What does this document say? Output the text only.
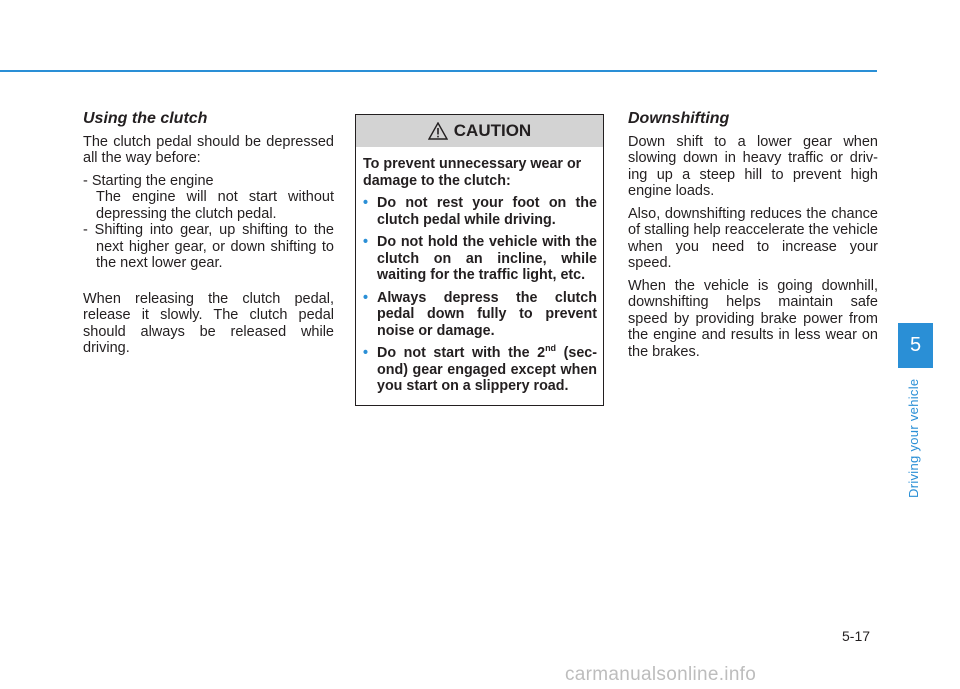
Using the clutch

The clutch pedal should be depressed all the way before:

- Starting the engine

The engine will not start without depressing the clutch pedal.

- Shifting into gear, up shifting to the next higher gear, or down shifting to the next lower gear.

When releasing the clutch pedal, release it slowly. The clutch pedal should always be released while driving.

CAUTION

To prevent unnecessary wear or damage to the clutch:

• Do not rest your foot on the clutch pedal while driving.

• Do not hold the vehicle with the clutch on an incline, while waiting for the traffic light, etc.

• Always depress the clutch pedal down fully to prevent noise or damage.

• Do not start with the 2nd (sec- ond) gear engaged except when you start on a slippery road.

Downshifting

Down shift to a lower gear when slowing down in heavy traffic or driv- ing up a steep hill to prevent high engine loads.

Also, downshifting reduces the chance of stalling help reaccelerate the vehicle when you need to increase your speed.

When the vehicle is going downhill, downshifting helps maintain safe speed by providing brake power from the engine and results in less wear on the brakes.	5
Driving your vehicle
5-17
carmanualsonline.info
